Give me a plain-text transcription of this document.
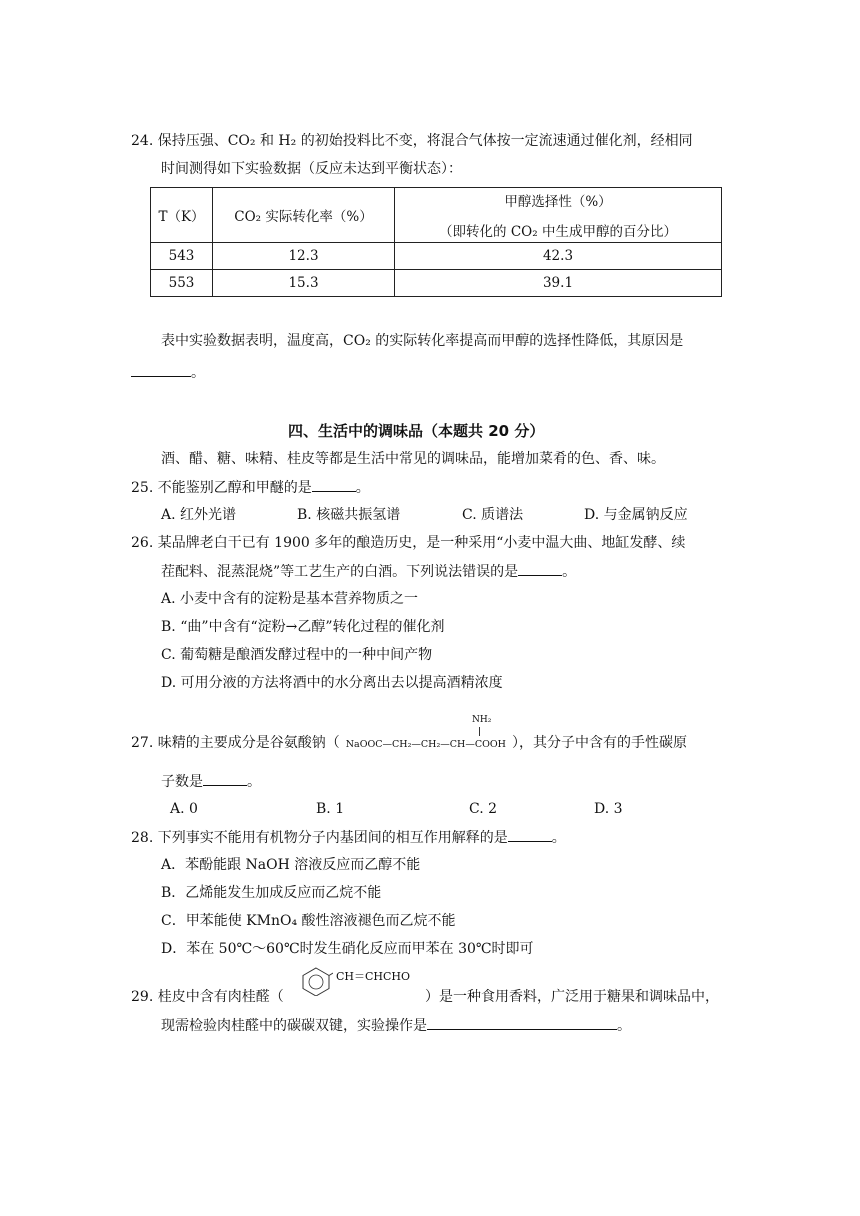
24. 保持压强、CO₂ 和 H₂ 的初始投料比不变，将混合气体按一定流速通过催化剂，经相同
时间测得如下实验数据（反应未达到平衡状态）：
T（K）	CO₂ 实际转化率（%）	甲醇选择性（%）
（即转化的 CO₂ 中生成甲醇的百分比）

543	12.3	42.3
553	15.3	39.1
表中实验数据表明，温度高，CO₂ 的实际转化率提高而甲醇的选择性降低，其原因是
。
四、生活中的调味品（本题共 20 分）
酒、醋、糖、味精、桂皮等都是生活中常见的调味品，能增加菜肴的色、香、味。
25. 不能鉴别乙醇和甲醚的是	。
A. 红外光谱	B. 核磁共振氢谱	C. 质谱法	D. 与金属钠反应
26. 某品牌老白干已有 1900 多年的酿造历史，是一种采用“小麦中温大曲、地缸发酵、续
茬配料、混蒸混烧”等工艺生产的白酒。下列说法错误的是	。
A. 小麦中含有的淀粉是基本营养物质之一
B. “曲”中含有“淀粉→乙醇”转化过程的催化剂
C. 葡萄糖是酿酒发酵过程中的一种中间产物
D. 可用分液的方法将酒中的水分离出去以提高酒精浓度
NH₂
27. 味精的主要成分是谷氨酸钠（ NaOOC—CH₂—CH₂—CH—COOH ），其分子中含有的手性碳原
子数是	。
A. 0	B. 1	C. 2	D. 3
28. 下列事实不能用有机物分子内基团间的相互作用解释的是	。
A．苯酚能跟 NaOH 溶液反应而乙醇不能
B．乙烯能发生加成反应而乙烷不能
C．甲苯能使 KMnO₄ 酸性溶液褪色而乙烷不能
D．苯在 50℃～60℃时发生硝化反应而甲苯在 30℃时即可
CH＝CHCHO
29. 桂皮中含有肉桂醛（	）是一种食用香料，广泛用于糖果和调味品中，
现需检验肉桂醛中的碳碳双键，实验操作是	。
